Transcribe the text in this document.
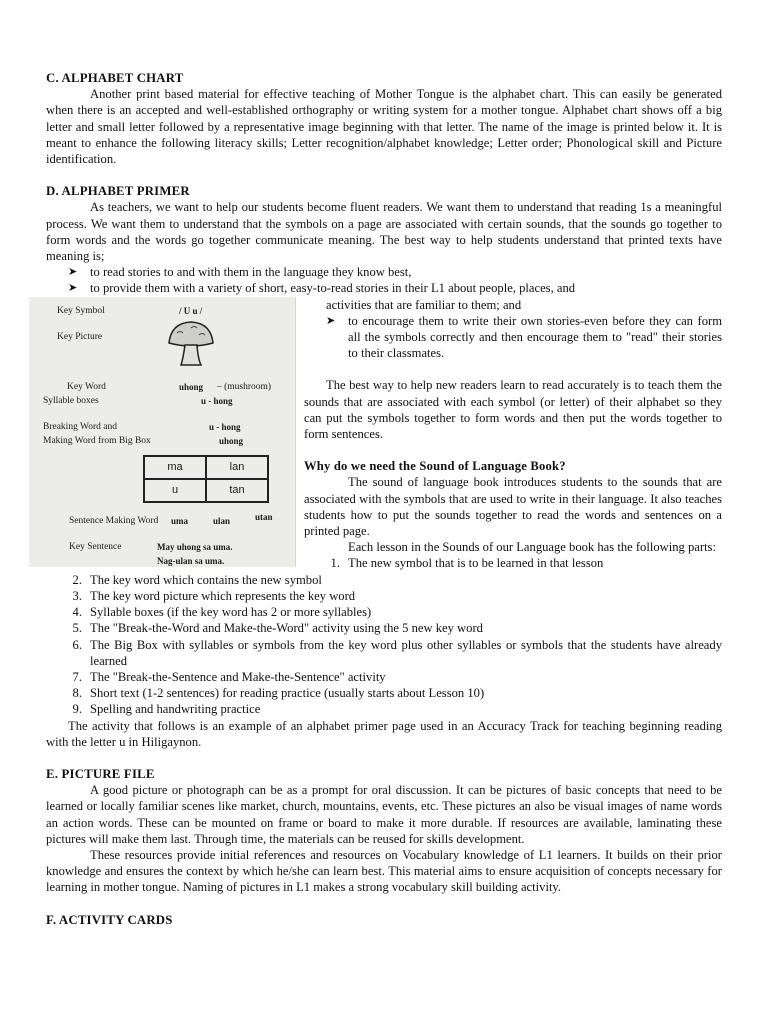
C. ALPHABET CHART

Another print based material for effective teaching of Mother Tongue is the alphabet chart. This can easily be generated when there is an accepted and well-established orthography or writing system for a mother tongue. Alphabet chart shows off a big letter and small letter followed by a representative image beginning with that letter. The name of the image is printed below it. It is meant to enhance the following literacy skills; Letter recognition/alphabet knowledge; Letter order; Phonological skill and Picture identification.

D. ALPHABET PRIMER

As teachers, we want to help our students become fluent readers. We want them to understand that reading 1s a meaningful process. We want them to understand that the symbols on a page are associated with certain sounds, that the sounds go together to form words and the words go together communicate meaning. The best way to help students understand that printed texts have meaning is;

➤	to read stories to and with them in the language they know best,
➤	to provide them with a variety of short, easy-to-read stories in their L1 about people, places, and
Key Symbol	/ U u /
Key Picture
Key Word	uhong – (mushroom)
Syllable boxes	u - hong
Breaking Word and	u - hong
Making Word from Big Box	uhong
ma	lan
u	tan
Sentence Making Word uma	ulan	utan
Key Sentence	May uhong sa uma.
Nag-ulan sa uma.

activities that are familiar to them; and

➤	to encourage them to write their own stories-even before they can form all the symbols correctly and then encourage them to "read" their stories to their classmates.

The best way to help new readers learn to read accurately is to teach them the sounds that are associated with each symbol (or letter) of their alphabet so they can put the symbols together to form words and then put the words together to form sentences.

Why do we need the Sound of Language Book?

The sound of language book introduces students to the sounds that are associated with the symbols that are used to write in their language. It also teaches students how to put the sounds together to read the words and sentences on a printed page.

Each lesson in the Sounds of our Language book has the following parts:

1. The new symbol that is to be learned in that lesson
2. The key word which contains the new symbol
3. The key word picture which represents the key word
4. Syllable boxes (if the key word has 2 or more syllables)
5. The "Break-the-Word and Make-the-Word" activity using the 5 new key word
6. The Big Box with syllables or symbols from the key word plus other syllables or symbols that the students have already learned
7. The "Break-the-Sentence and Make-the-Sentence" activity
8. Short text (1-2 sentences) for reading practice (usually starts about Lesson 10)
9. Spelling and handwriting practice

The activity that follows is an example of an alphabet primer page used in an Accuracy Track for teaching beginning reading with the letter u in Hiligaynon.

E. PICTURE FILE

A good picture or photograph can be as a prompt for oral discussion. It can be pictures of basic concepts that need to be learned or locally familiar scenes like market, church, mountains, events, etc. These pictures an also be visual images of name words an action words. These can be mounted on frame or board to make it more durable. If resources are available, laminating these pictures will make them last. Through time, the materials can be reused for skills development.

These resources provide initial references and resources on Vocabulary knowledge of L1 learners. It builds on their prior knowledge and ensures the context by which he/she can learn best. This material aims to ensure acquisition of concepts necessary for learning in mother tongue. Naming of pictures in L1 makes a strong vocabulary skill building activity.

F. ACTIVITY CARDS
